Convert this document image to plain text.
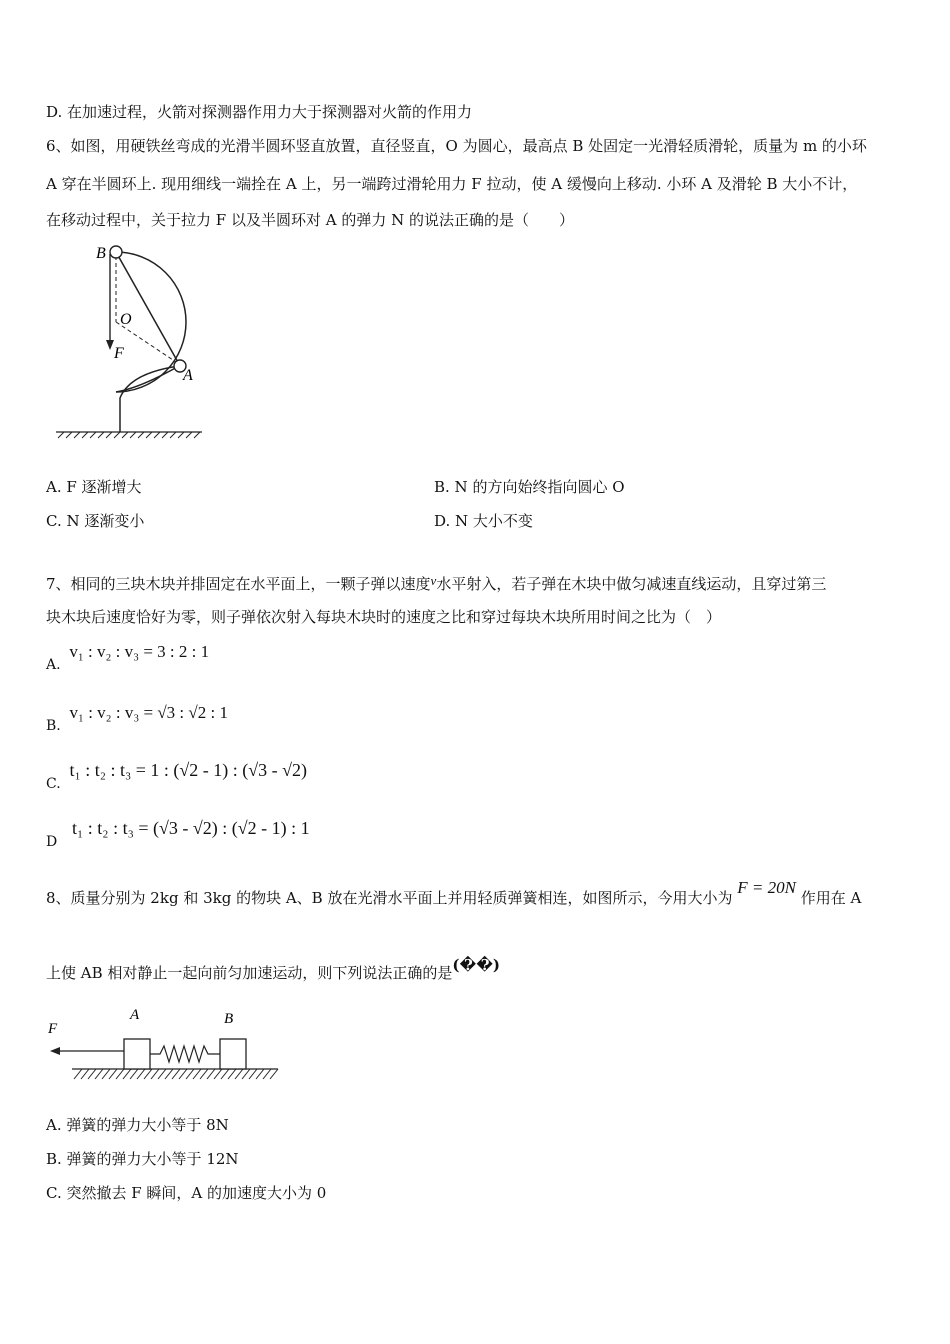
D. 在加速过程，火箭对探测器作用力大于探测器对火箭的作用力
6、如图，用硬铁丝弯成的光滑半圆环竖直放置，直径竖直，O 为圆心，最高点 B 处固定一光滑轻质滑轮，质量为 m 的小环
A 穿在半圆环上. 现用细线一端拴在 A 上，另一端跨过滑轮用力 F 拉动，使 A 缓慢向上移动. 小环 A 及滑轮 B 大小不计，
在移动过程中，关于拉力 F 以及半圆环对 A 的弹力 N 的说法正确的是（　　）
B
O
F
A
A. F 逐渐增大	B. N 的方向始终指向圆心 O
C. N 逐渐变小	D. N 大小不变
7、相同的三块木块并排固定在水平面上，一颗子弹以速度v水平射入，若子弹在木块中做匀减速直线运动，且穿过第三
块木块后速度恰好为零，则子弹依次射入每块木块时的速度之比和穿过每块木块所用时间之比为（　）
A. v₁ : v₂ : v₃ = 3 : 2 : 1
B. v₁ : v₂ : v₃ = √3 : √2 : 1
C. t₁ : t₂ : t₃ = 1 : (√2 - 1) : (√3 - √2)
D t₁ : t₂ : t₃ = (√3 - √2) : (√2 - 1) : 1
8、质量分别为 2kg 和 3kg 的物块 A、B 放在光滑水平面上并用轻质弹簧相连，如图所示，今用大小为 F = 20N 作用在 A
上使 AB 相对静止一起向前匀加速运动，则下列说法正确的是(��)
F
A	B
A. 弹簧的弹力大小等于 8N
B. 弹簧的弹力大小等于 12N
C. 突然撤去 F 瞬间，A 的加速度大小为 0
